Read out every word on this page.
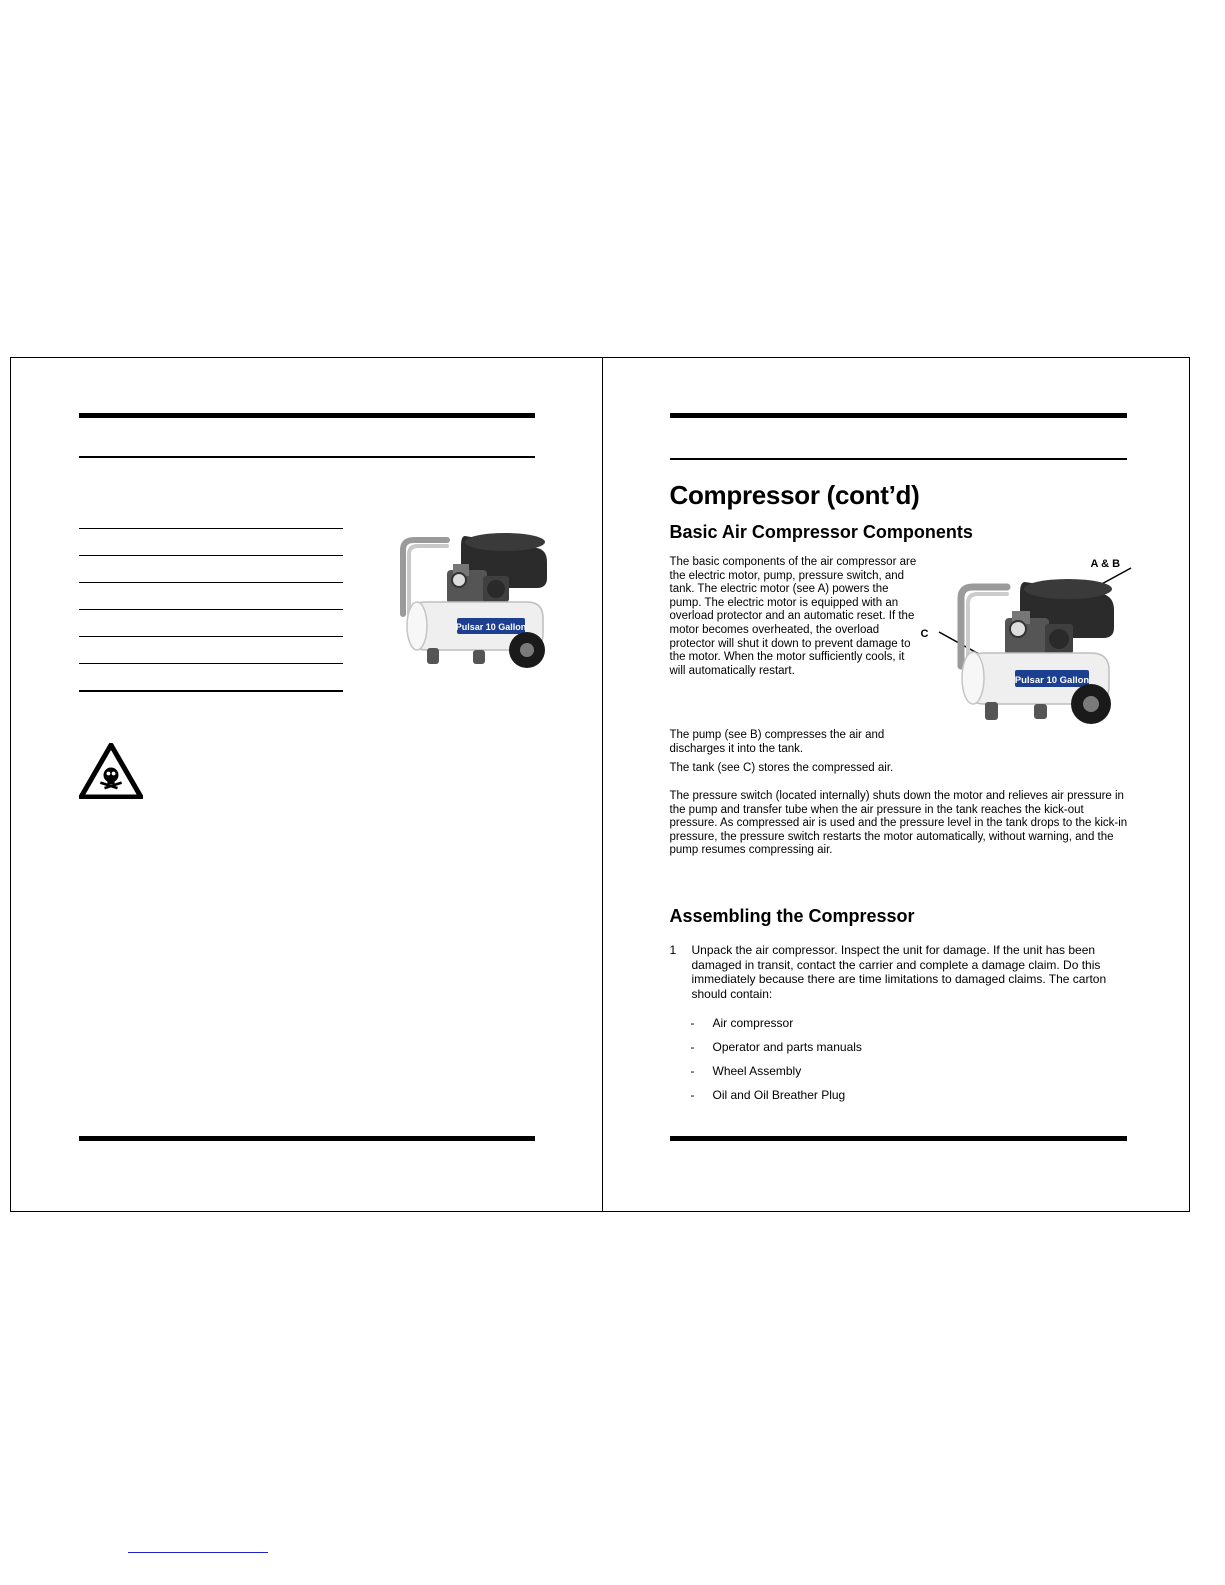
Pulsar 10 Gallon
Compressor (cont’d)
Basic Air Compressor Components

The basic components of the air compressor are the electric motor, pump, pressure switch, and tank. The electric motor (see A) powers the pump. The electric motor is equipped with an overload protector and an automatic reset. If the motor becomes overheated, the overload protector will shut it down to prevent damage to the motor. When the motor sufficiently cools, it will automatically restart.

The pump (see B) compresses the air and discharges it into the tank.
The tank (see C) stores the compressed air.
The pressure switch (located internally) shuts down the motor and relieves air pressure in the pump and transfer tube when the air pressure in the tank reaches the kick-out pressure. As compressed air is used and the pressure level in the tank drops to the kick-in pressure, the pressure switch restarts the motor automatically, without warning, and the pump resumes compressing air.
Assembling the Compressor
1	Unpack the air compressor. Inspect the unit for damage. If the unit has been damaged in transit, contact the carrier and complete a damage claim. Do this immediately because there are time limitations to damaged claims. The carton should contain:
-	Air compressor
-	Operator and parts manuals
-	Wheel Assembly
-	Oil and Oil Breather Plug
Pulsar 10 Gallon
A & B
C
